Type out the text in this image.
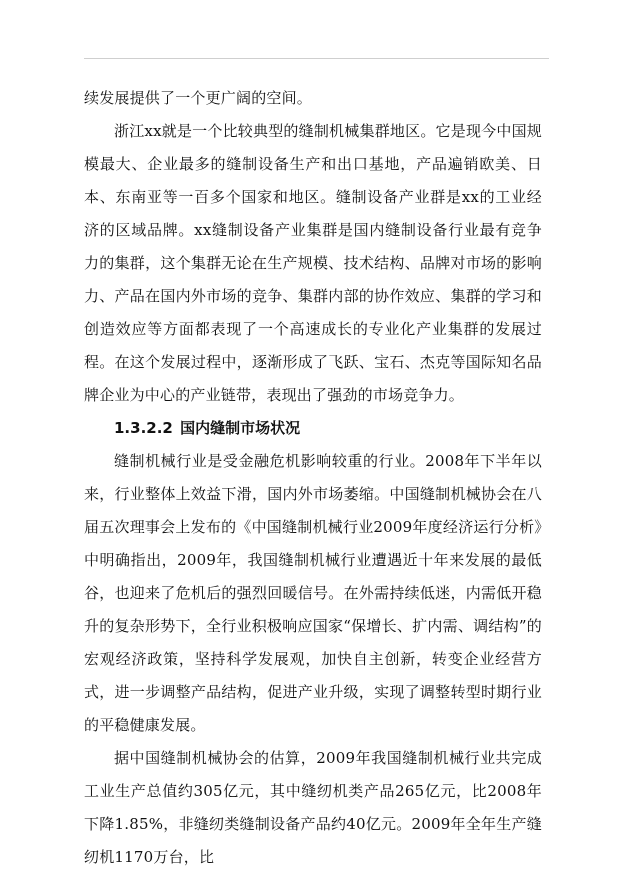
续发展提供了一个更广阔的空间。

浙江xx就是一个比较典型的缝制机械集群地区。它是现今中国规模最大、企业最多的缝制设备生产和出口基地，产品遍销欧美、日本、东南亚等一百多个国家和地区。缝制设备产业群是xx的工业经济的区域品牌。xx缝制设备产业集群是国内缝制设备行业最有竞争力的集群，这个集群无论在生产规模、技术结构、品牌对市场的影响力、产品在国内外市场的竞争、集群内部的协作效应、集群的学习和创造效应等方面都表现了一个高速成长的专业化产业集群的发展过程。在这个发展过程中，逐渐形成了飞跃、宝石、杰克等国际知名品牌企业为中心的产业链带，表现出了强劲的市场竞争力。

1.3.2.2 国内缝制市场状况

缝制机械行业是受金融危机影响较重的行业。2008年下半年以来，行业整体上效益下滑，国内外市场萎缩。中国缝制机械协会在八届五次理事会上发布的《中国缝制机械行业2009年度经济运行分析》中明确指出，2009年，我国缝制机械行业遭遇近十年来发展的最低谷，也迎来了危机后的强烈回暖信号。在外需持续低迷，内需低开稳升的复杂形势下，全行业积极响应国家“保增长、扩内需、调结构”的宏观经济政策，坚持科学发展观，加快自主创新，转变企业经营方式，进一步调整产品结构，促进产业升级，实现了调整转型时期行业的平稳健康发展。

据中国缝制机械协会的估算，2009年我国缝制机械行业共完成工业生产总值约305亿元，其中缝纫机类产品265亿元，比2008年下降1.85%，非缝纫类缝制设备产品约40亿元。2009年全年生产缝纫机1170万台，比
